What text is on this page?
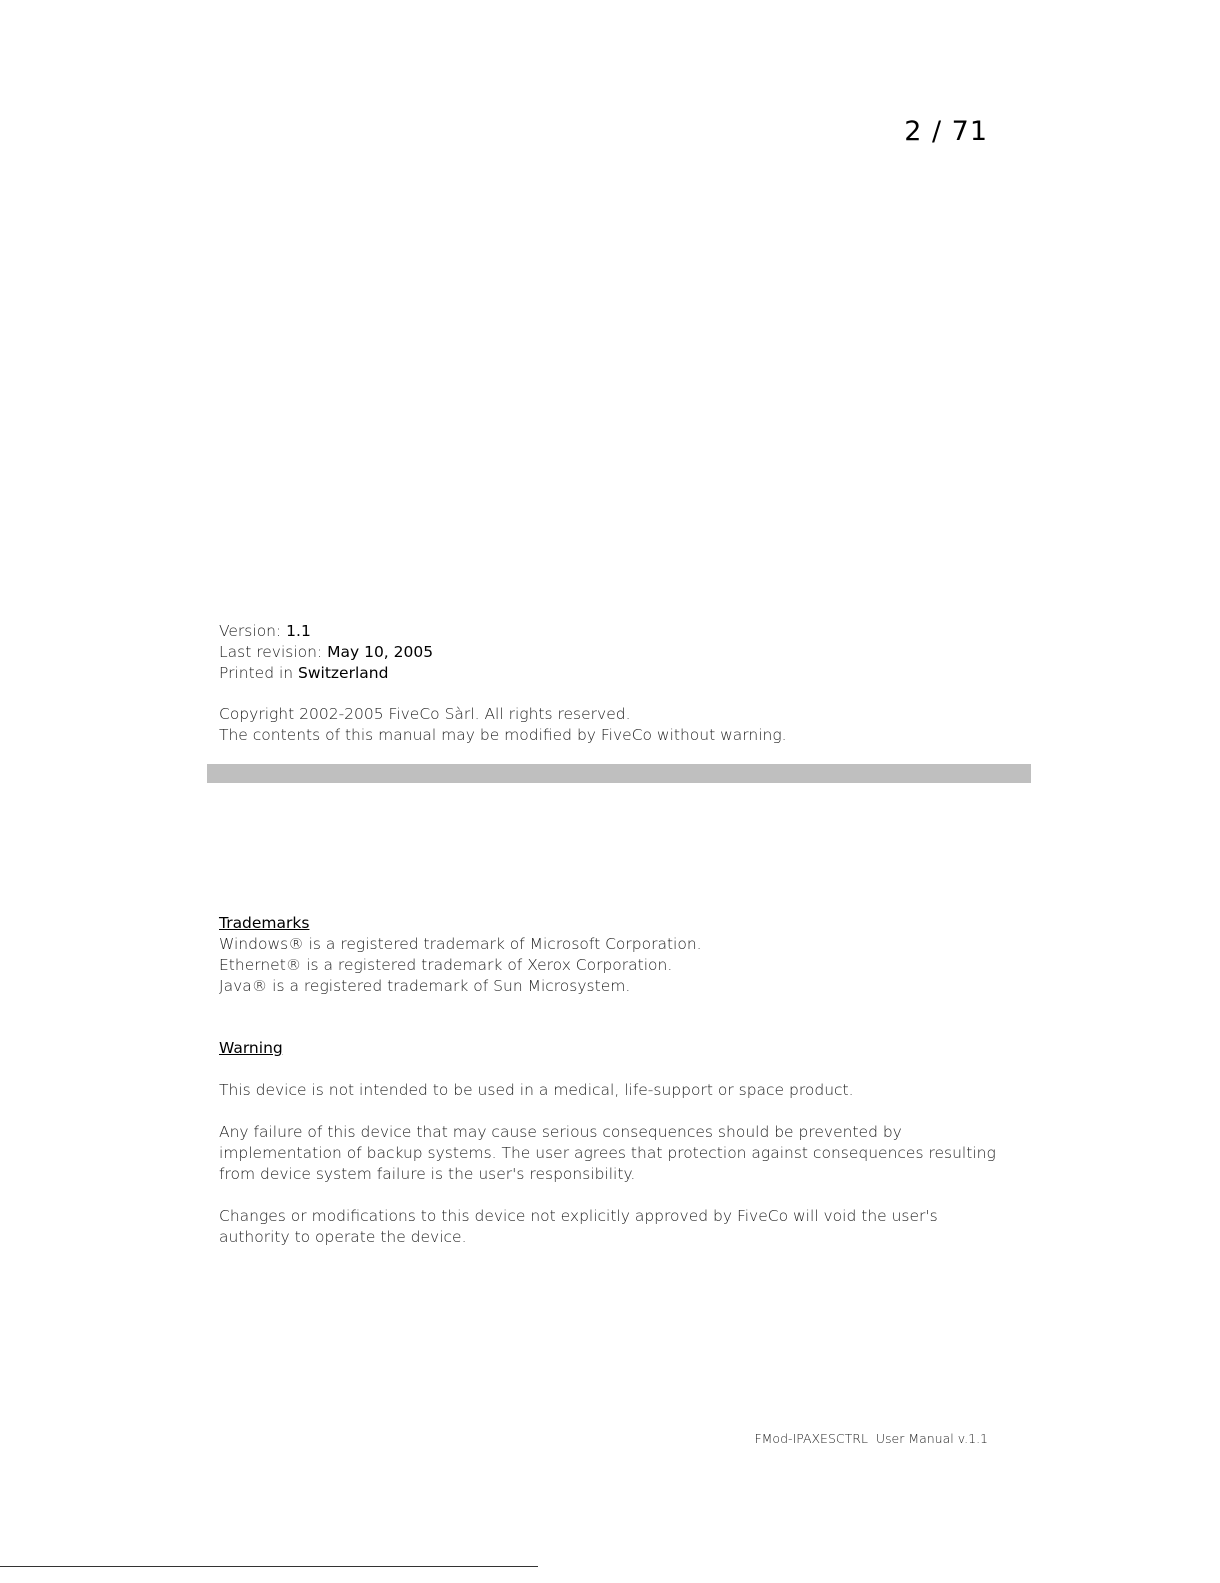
2 / 71
Version: 1.1
Last revision: May 10, 2005
Printed in Switzerland
Copyright 2002-2005 FiveCo Sàrl. All rights reserved.
The contents of this manual may be modified by FiveCo without warning.
Trademarks
Windows® is a registered trademark of Microsoft Corporation.
Ethernet® is a registered trademark of Xerox Corporation.
Java® is a registered trademark of Sun Microsystem.
Warning

This device is not intended to be used in a medical, life-support or space product.

Any failure of this device that may cause serious consequences should be prevented by implementation of backup systems. The user agrees that protection against consequences resulting from device system failure is the user's responsibility.

Changes or modifications to this device not explicitly approved by FiveCo will void the user's authority to operate the device.

FMod-IPAXESCTRL  User Manual v.1.1
